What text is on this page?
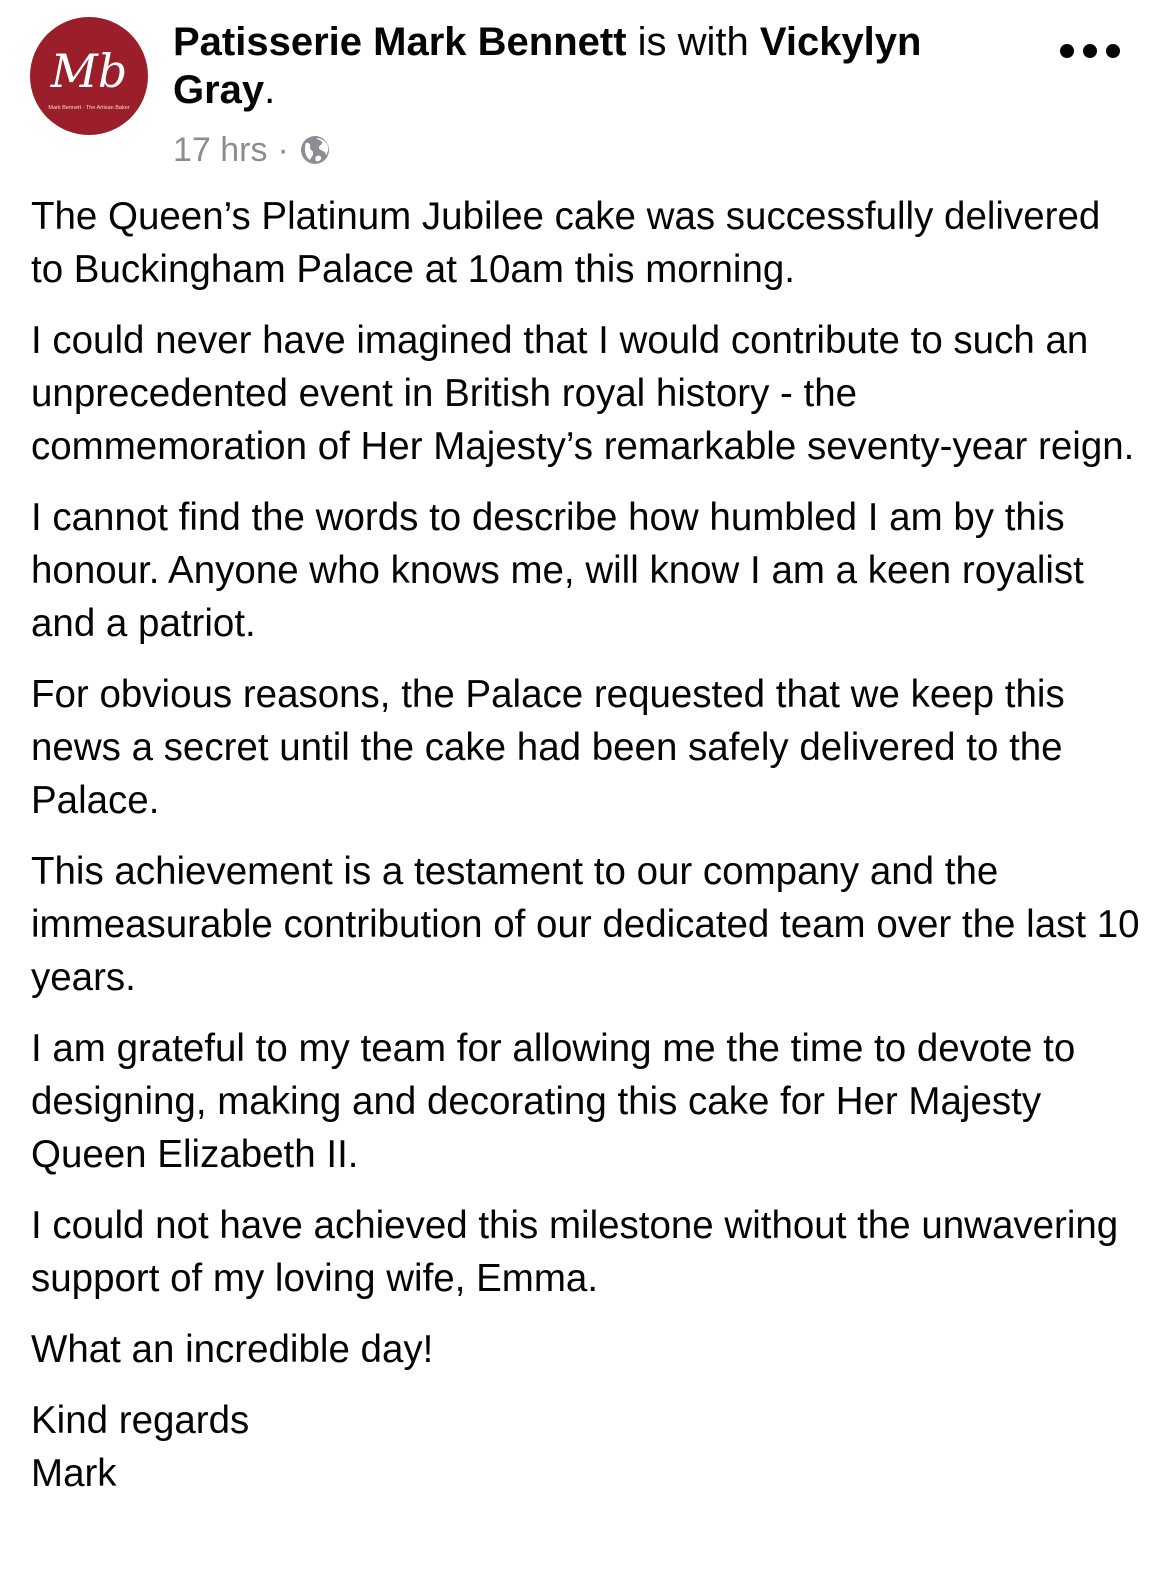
Mb
Mark Bennett · The Artisan Baker
Patisserie Mark Bennett is with Vickylyn Gray.
17 hrs ·

The Queen’s Platinum Jubilee cake was successfully delivered to Buckingham Palace at 10am this morning.

I could never have imagined that I would contribute to such an unprecedented event in British royal history - the commemoration of Her Majesty’s remarkable seventy-year reign.

I cannot find the words to describe how humbled I am by this honour. Anyone who knows me, will know I am a keen royalist and a patriot.

For obvious reasons, the Palace requested that we keep this news a secret until the cake had been safely delivered to the Palace.

This achievement is a testament to our company and the immeasurable contribution of our dedicated team over the last 10 years.

I am grateful to my team for allowing me the time to devote to designing, making and decorating this cake for Her Majesty Queen Elizabeth II.

I could not have achieved this milestone without the unwavering support of my loving wife, Emma.

What an incredible day!

Kind regards
Mark
